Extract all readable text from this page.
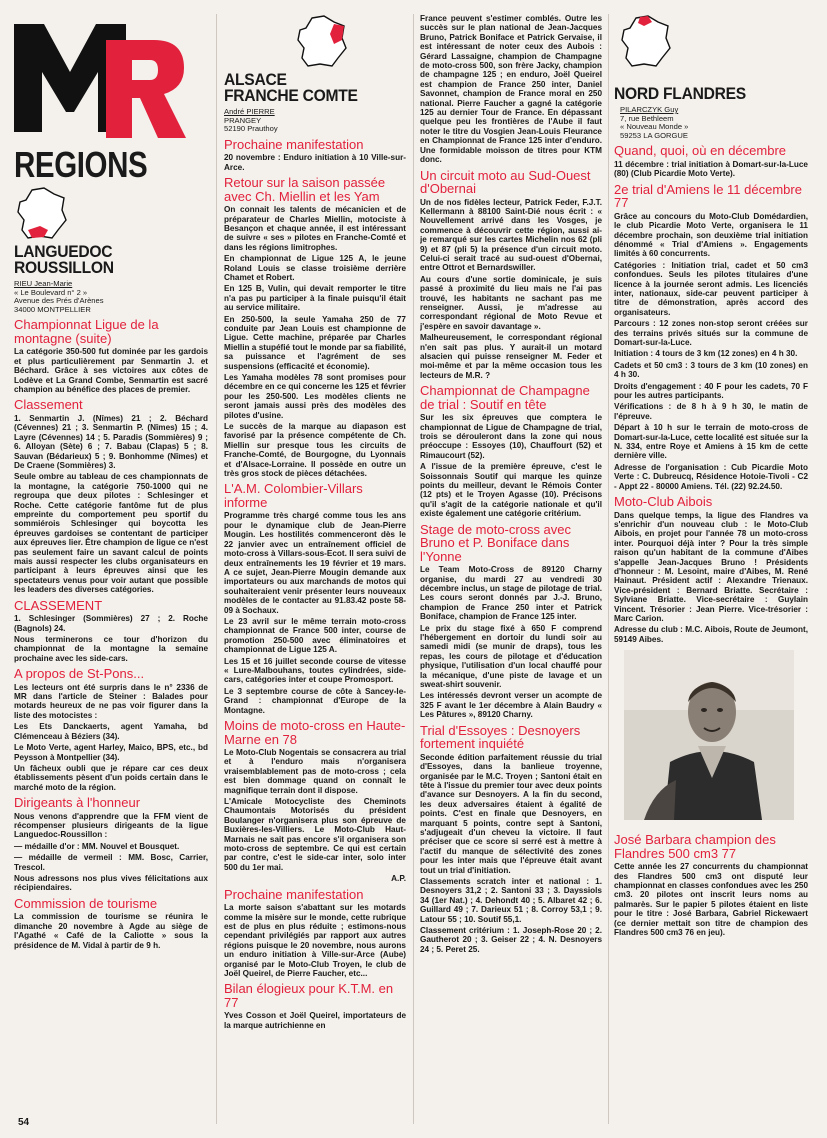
REGIONS
LANGUEDOC
ROUSSILLON
RIEU Jean-Marie
« Le Boulevard n° 2 »
Avenue des Prés d'Arènes
34000 MONTPELLIER
Championnat Ligue de la montagne (suite)

La catégorie 350-500 fut dominée par les gardois et plus particulièrement par Senmartin J. et Béchard. Grâce à ses victoires aux côtes de Lodève et La Grand Combe, Senmartin est sacré champion au bénéfice des places de premier.

Classement

1. Senmartin J. (Nîmes) 21 ; 2. Béchard (Cévennes) 21 ; 3. Senmartin P. (Nîmes) 15 ; 4. Layre (Cévennes) 14 ; 5. Paradis (Sommières) 9 ; 6. Alloyan (Sète) 6 ; 7. Babau (Clapas) 5 ; 8. Sauvan (Bédarieux) 5 ; 9. Bonhomme (Nîmes) et De Craene (Sommières) 3.

Seule ombre au tableau de ces championnats de la montagne, la catégorie 750-1000 qui ne regroupa que deux pilotes : Schlesinger et Roche. Cette catégorie fantôme fut de plus empreinte du comportement peu sportif du sommiérois Schlesinger qui boycotta les épreuves gardoises se contentant de participer aux épreuves lier. Être champion de ligue ce n'est pas seulement faire un savant calcul de points mais aussi respecter les clubs organisateurs en participant à leurs épreuves ainsi que les spectateurs venus pour voir autant que possible les leaders des diverses catégories.

CLASSEMENT

1. Schlesinger (Sommières) 27 ; 2. Roche (Bagnols) 24.

Nous terminerons ce tour d'horizon du championnat de la montagne la semaine prochaine avec les side-cars.

A propos de St-Pons...

Les lecteurs ont été surpris dans le n° 2336 de MR dans l'article de Steiner : Balades pour motards heureux de ne pas voir figurer dans la liste des motocistes :

Les Ets Danckaerts, agent Yamaha, bd Clémenceau à Béziers (34).

Le Moto Verte, agent Harley, Maico, BPS, etc., bd Peysson à Montpellier (34).

Un fâcheux oubli que je répare car ces deux établissements pèsent d'un poids certain dans le marché moto de la région.

Dirigeants à l'honneur

Nous venons d'apprendre que la FFM vient de récompenser plusieurs dirigeants de la ligue Languedoc-Roussillon :

— médaille d'or : MM. Nouvel et Bousquet.

— médaille de vermeil : MM. Bosc, Carrier, Trescol.

Nous adressons nos plus vives félicitations aux récipiendaires.

Commission de tourisme

La commission de tourisme se réunira le dimanche 20 novembre à Agde au siège de l'Agathé « Café de la Caliotte » sous la présidence de M. Vidal à partir de 9 h.

ALSACE
FRANCHE COMTE
André PIERRE
PRANGEY
52190 Prauthoy
Prochaine manifestation

20 novembre : Enduro initiation à 10 Ville-sur-Arce.

Retour sur la saison passée avec Ch. Miellin et les Yam

On connait les talents de mécanicien et de préparateur de Charles Miellin, motociste à Besançon et chaque année, il est intéressant de suivre « ses » pilotes en Franche-Comté et dans les régions limitrophes.

En championnat de Ligue 125 A, le jeune Roland Louis se classe troisième derrière Chamet et Robert.

En 125 B, Vulin, qui devait remporter le titre n'a pas pu participer à la finale puisqu'il était au service militaire.

En 250-500, la seule Yamaha 250 de 77 conduite par Jean Louis est championne de Ligue. Cette machine, préparée par Charles Miellin a stupéfié tout le monde par sa fiabilité, sa puissance et l'agrément de ses suspensions (efficacité et économie).

Les Yamaha modèles 78 sont promises pour décembre en ce qui concerne les 125 et février pour les 250-500. Les modèles clients ne seront jamais aussi près des modèles des pilotes d'usine.

Le succès de la marque au diapason est favorisé par la présence compétente de Ch. Miellin sur presque tous les circuits de Franche-Comté, de Bourgogne, du Lyonnais et d'Alsace-Lorraine. Il possède en outre un très gros stock de pièces détachées.

L'A.M. Colombier-Villars informe

Programme très chargé comme tous les ans pour le dynamique club de Jean-Pierre Mougin. Les hostilités commenceront dès le 22 janvier avec un entraînement officiel de moto-cross à Villars-sous-Ecot. Il sera suivi de deux entraînements les 19 février et 19 mars. A ce sujet, Jean-Pierre Mougin demande aux importateurs ou aux marchands de motos qui souhaiteraient venir présenter leurs nouveaux modèles de le contacter au 91.83.42 poste 58-09 à Sochaux.

Le 23 avril sur le même terrain moto-cross championnat de France 500 inter, course de promotion 250-500 avec éliminatoires et championnat de Ligue 125 A.

Les 15 et 16 juillet seconde course de vitesse « Lure-Malbouhans, toutes cylindrées, side-cars, catégories inter et coupe Promosport.

Le 3 septembre course de côte à Sancey-le-Grand : championnat d'Europe de la Montagne.

Moins de moto-cross en Haute-Marne en 78

Le Moto-Club Nogentais se consacrera au trial et à l'enduro mais n'organisera vraisemblablement pas de moto-cross ; cela est bien dommage quand on connaît le magnifique terrain dont il dispose.

L'Amicale Motocycliste des Cheminots Chaumontais Motorisés du président Boulanger n'organisera plus son épreuve de Buxières-les-Villiers. Le Moto-Club Haut-Marnais ne sait pas encore s'il organisera son moto-cross de septembre. Ce qui est certain par contre, c'est le side-car inter, solo inter 500 du 1er mai.

A.P.

Prochaine manifestation

La morte saison s'abattant sur les motards comme la misère sur le monde, cette rubrique est de plus en plus réduite ; estimons-nous cependant privilégiés par rapport aux autres régions puisque le 20 novembre, nous aurons un enduro initiation à Ville-sur-Arce (Aube) organisé par le Moto-Club Troyen, le club de Joël Queirel, de Pierre Faucher, etc...

Bilan élogieux pour K.T.M. en 77

Yves Cosson et Joël Queirel, importateurs de la marque autrichienne en

France peuvent s'estimer comblés. Outre les succès sur le plan national de Jean-Jacques Bruno, Patrick Boniface et Patrick Gervaise, il est intéressant de noter ceux des Aubois : Gérard Lassaigne, champion de Champagne de moto-cross 500, son frère Jacky, champion de champagne 125 ; en enduro, Joël Queirel est champion de France 250 inter, Daniel Savonnet, champion de France moral en 250 national. Pierre Faucher a gagné la catégorie 125 au dernier Tour de France. En dépassant quelque peu les frontières de l'Aube il faut noter le titre du Vosgien Jean-Louis Fleurance en Championnat de France 125 inter d'enduro. Une formidable moisson de titres pour KTM donc.

Un circuit moto au Sud-Ouest d'Obernai

Un de nos fidèles lecteur, Patrick Feder, F.J.T. Kellermann à 88100 Saint-Dié nous écrit : « Nouvellement arrivé dans les Vosges, je commence à découvrir cette région, aussi ai-je remarqué sur les cartes Michelin nos 62 (pli 9) et 87 (pli 5) la présence d'un circuit moto. Celui-ci serait tracé au sud-ouest d'Obernai, entre Ottrot et Bernardswiller.

Au cours d'une sortie dominicale, je suis passé à proximité du lieu mais ne l'ai pas trouvé, les habitants ne sachant pas me renseigner. Aussi, je m'adresse au correspondant régional de Moto Revue et j'espère en savoir davantage ».

Malheureusement, le correspondant régional n'en sait pas plus. Y aurait-il un motard alsacien qui puisse renseigner M. Feder et moi-même et par la même occasion tous les lecteurs de M.R. ?

Championnat de Champagne de trial : Soutif en tête

Sur les six épreuves que comptera le championnat de Ligue de Champagne de trial, trois se dérouleront dans la zone qui nous préoccupe : Essoyes (10), Chauffourt (52) et Rimaucourt (52).

A l'issue de la première épreuve, c'est le Soissonnais Soutif qui marque les quinze points du meilleur, devant le Rémois Conter (12 pts) et le Troyen Agasse (10). Précisons qu'il s'agit de la catégorie nationale et qu'il existe également une catégorie critérium.

Stage de moto-cross avec Bruno et P. Boniface dans l'Yonne

Le Team Moto-Cross de 89120 Charny organise, du mardi 27 au vendredi 30 décembre inclus, un stage de pilotage de trial. Les cours seront donnés par J.-J. Bruno, champion de France 250 inter et Patrick Boniface, champion de France 125 inter.

Le prix du stage fixé à 650 F comprend l'hébergement en dortoir du lundi soir au samedi midi (se munir de draps), tous les repas, les cours de pilotage et d'éducation physique, l'utilisation d'un local chauffé pour la mécanique, d'une piste de lavage et un sweat-shirt souvenir.

Les intéressés devront verser un acompte de 325 F avant le 1er décembre à Alain Baudry « Les Pâtures », 89120 Charny.

Trial d'Essoyes : Desnoyers fortement inquiété

Seconde édition parfaitement réussie du trial d'Essoyes, dans la banlieue troyenne, organisée par le M.C. Troyen ; Santoni était en tête à l'issue du premier tour avec deux points d'avance sur Desnoyers. A la fin du second, les deux adversaires étaient à égalité de points. C'est en finale que Desnoyers, en marquant 5 points, contre sept à Santoni, s'adjugeait d'un cheveu la victoire. Il faut préciser que ce score si serré est à mettre à l'actif du manque de sélectivité des zones pour les inter mais que l'épreuve était avant tout un trial d'initiation.

Classements scratch inter et national : 1. Desnoyers 31,2 ; 2. Santoni 33 ; 3. Dayssiols 34 (1er Nat.) ; 4. Dehondt 40 ; 5. Albaret 42 ; 6. Guillard 49 ; 7. Darieux 51 ; 8. Corroy 53,1 ; 9. Latour 55 ; 10. Soutif 55,1.

Classement critérium : 1. Joseph-Rose 20 ; 2. Gautherot 20 ; 3. Geiser 22 ; 4. N. Desnoyers 24 ; 5. Peret 25.

NORD FLANDRES
PILARCZYK Guy
7, rue Bethleem
« Nouveau Monde »
59253 LA GORGUE
Quand, quoi, où en décembre

11 décembre : trial initiation à Domart-sur-la-Luce (80) (Club Picardie Moto Verte).

2e trial d'Amiens le 11 décembre 77

Grâce au concours du Moto-Club Domédardien, le club Picardie Moto Verte, organisera le 11 décembre prochain, son deuxième trial initiation dénommé « Trial d'Amiens ». Engagements limités à 60 concurrents.

Catégories : Initiation trial, cadet et 50 cm3 confondues. Seuls les pilotes titulaires d'une licence à la journée seront admis. Les licenciés inter, nationaux, side-car peuvent participer à titre de démonstration, après accord des organisateurs.

Parcours : 12 zones non-stop seront créées sur des terrains privés situés sur la commune de Domart-sur-la-Luce.

Initiation : 4 tours de 3 km (12 zones) en 4 h 30.

Cadets et 50 cm3 : 3 tours de 3 km (10 zones) en 4 h 30.

Droits d'engagement : 40 F pour les cadets, 70 F pour les autres participants.

Vérifications : de 8 h à 9 h 30, le matin de l'épreuve.

Départ à 10 h sur le terrain de moto-cross de Domart-sur-la-Luce, cette localité est située sur la N. 334, entre Roye et Amiens à 15 km de cette dernière ville.

Adresse de l'organisation : Cub Picardie Moto Verte : C. Dubreucq, Résidence Hotoie-Tivoli - C2 - Appt 22 - 80000 Amiens. Tél. (22) 92.24.50.

Moto-Club Aibois

Dans quelque temps, la ligue des Flandres va s'enrichir d'un nouveau club : le Moto-Club Aibois, en projet pour l'année 78 un moto-cross inter. Pourquoi déjà inter ? Pour la très simple raison qu'un habitant de la commune d'Aibes s'appelle Jean-Jacques Bruno ! Présidents d'honneur : M. Lesoint, maire d'Aibes, M. René Hainaut. Président actif : Alexandre Trienaux. Vice-président : Bernard Briatte. Secrétaire : Sylviane Briatte. Vice-secrétaire : Guylain Vincent. Trésorier : Jean Pierre. Vice-trésorier : Marc Carion.

Adresse du club : M.C. Aibois, Route de Jeumont, 59149 Aibes.

José Barbara champion des Flandres 500 cm3 77

Cette année les 27 concurrents du championnat des Flandres 500 cm3 ont disputé leur championnat en classes confondues avec les 250 cm3. 20 pilotes ont inscrit leurs noms au palmarès. Sur le papier 5 pilotes étaient en liste pour le titre : José Barbara, Gabriel Rickewaert (ce dernier mettait son titre de champion des Flandres 500 cm3 76 en jeu).

54
